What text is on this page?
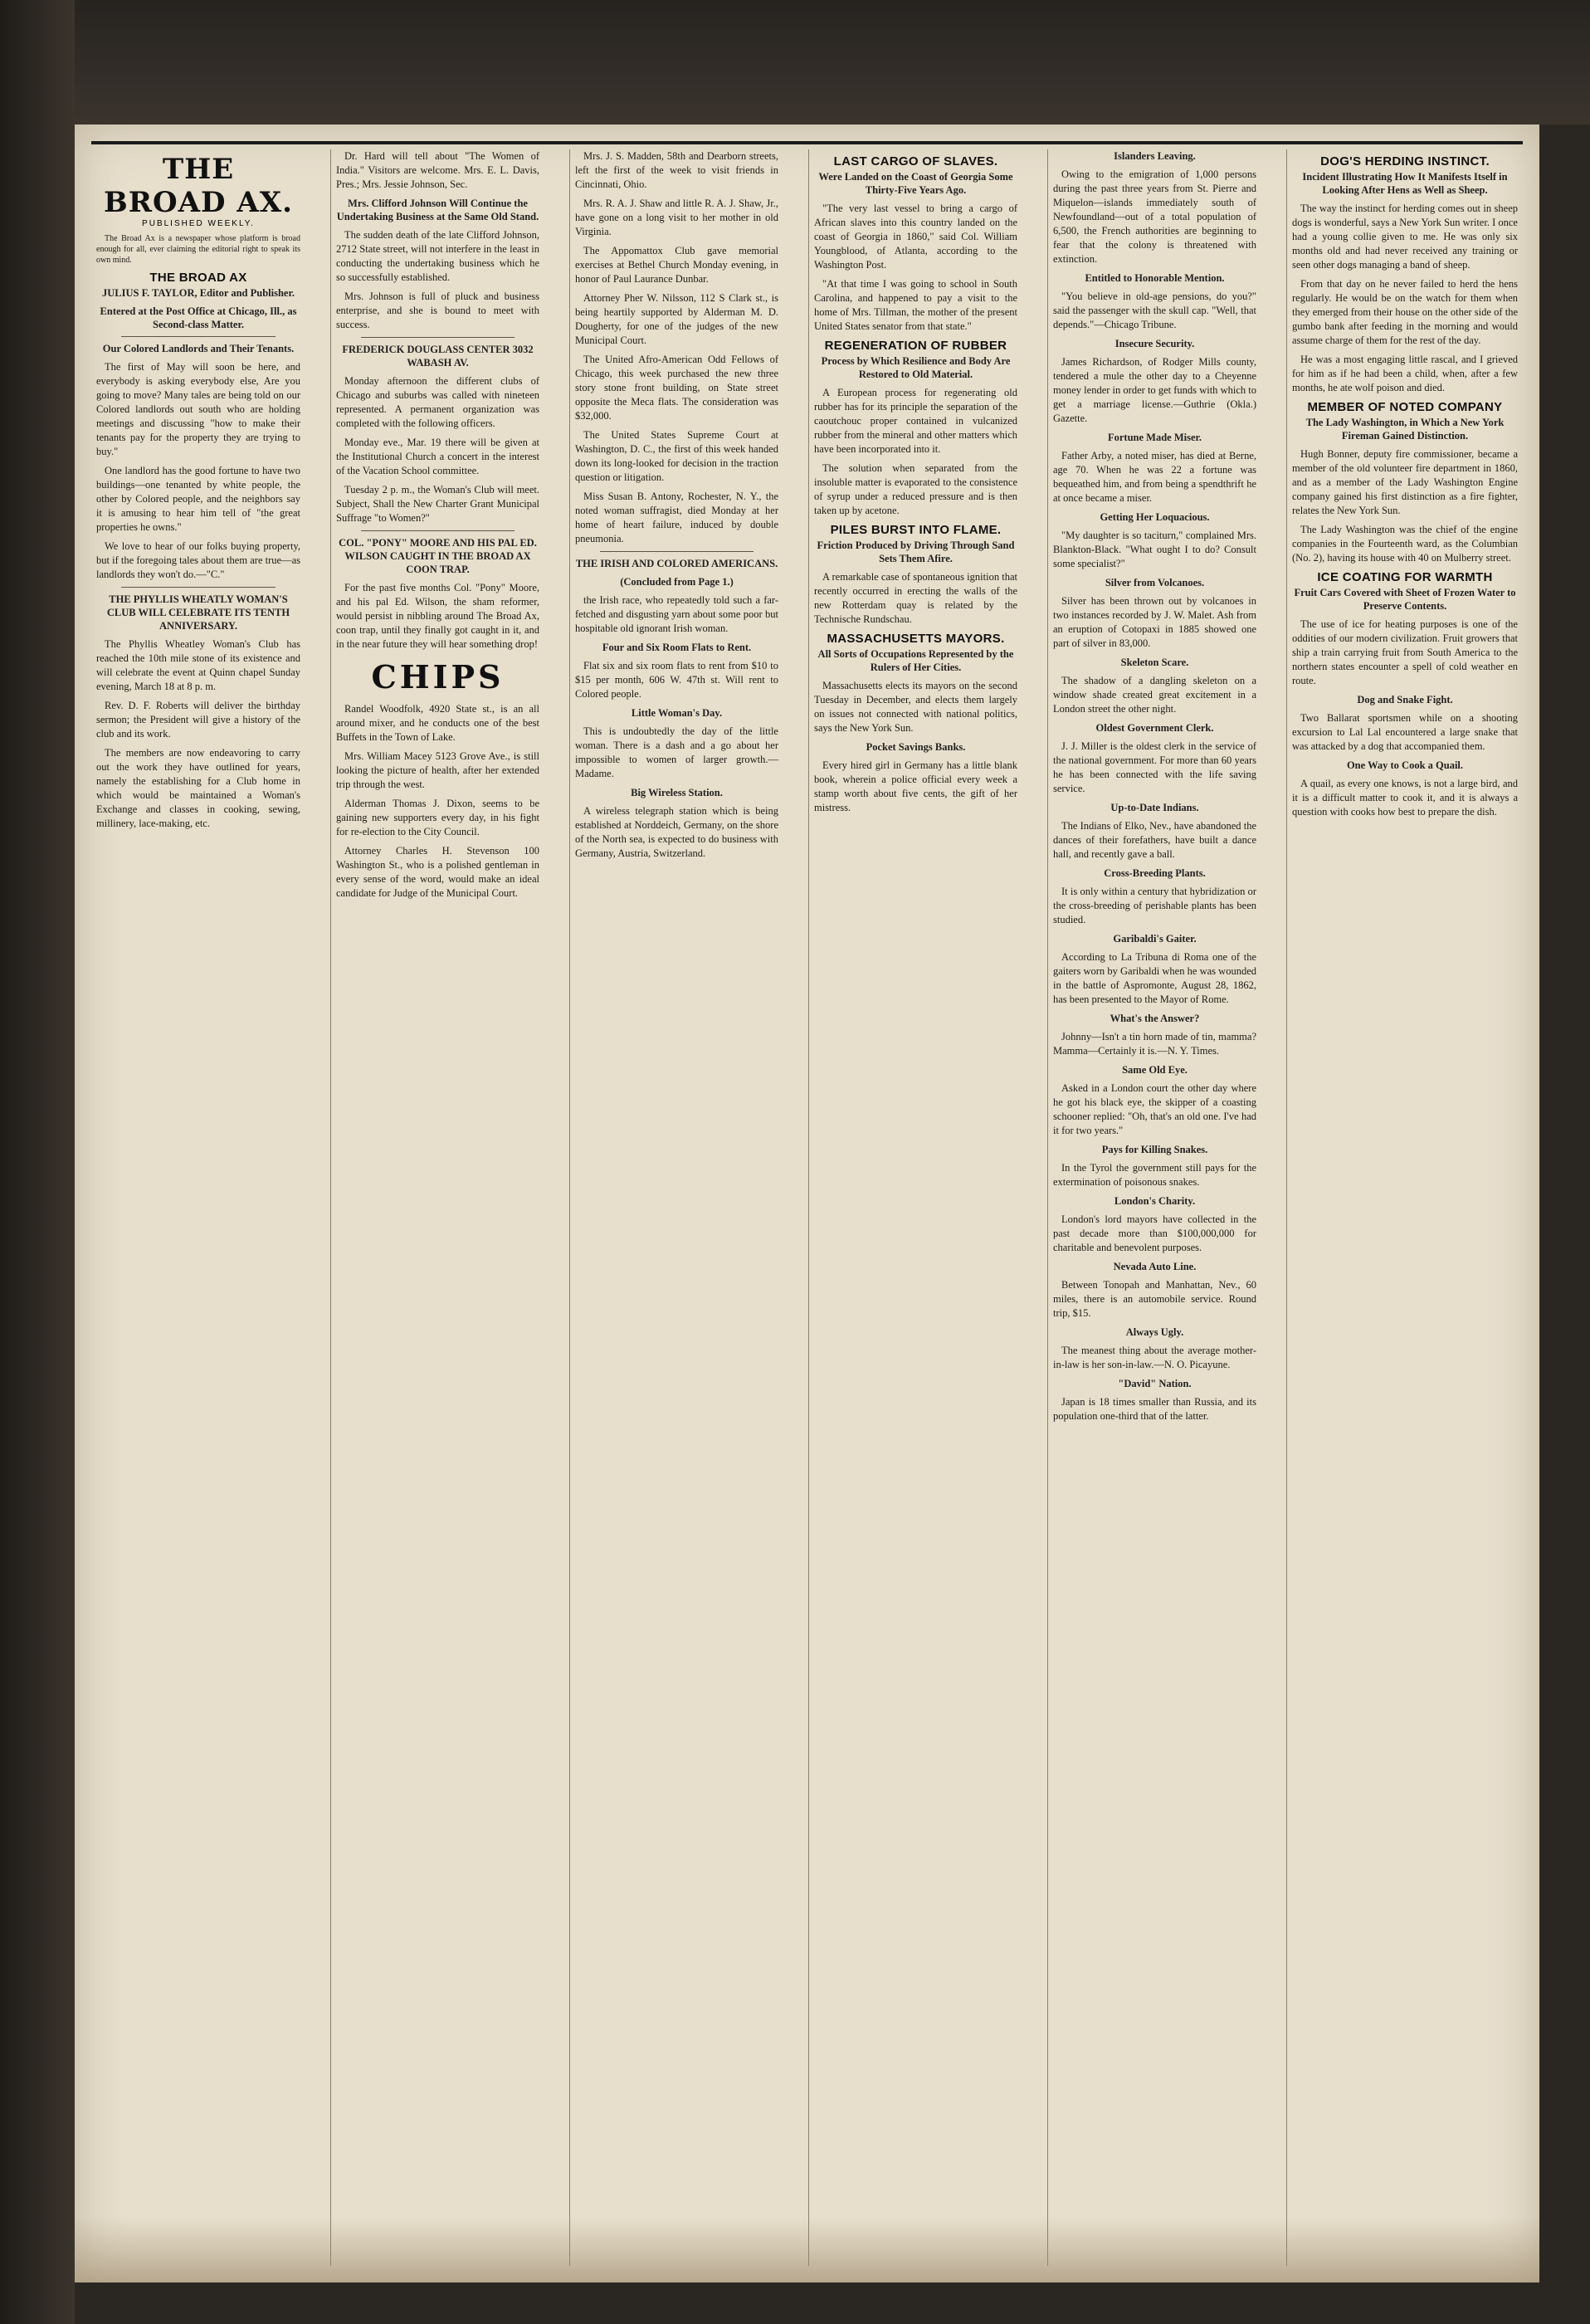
THE BROAD AX.
PUBLISHED WEEKLY.

The Broad Ax is a newspaper whose platform is broad enough for all, ever claiming the editorial right to speak its own mind.

THE BROAD AX
JULIUS F. TAYLOR, Editor and Publisher.
Entered at the Post Office at Chicago, Ill., as Second-class Matter.
Our Colored Landlords and Their Tenants.

The first of May will soon be here, and everybody is asking everybody else, Are you going to move? Many tales are being told on our Colored landlords out south who are holding meetings and discussing "how to make their tenants pay for the property they are trying to buy."

One landlord has the good fortune to have two buildings—one tenanted by white people, the other by Colored people, and the neighbors say it is amusing to hear him tell of "the great properties he owns."

We love to hear of our folks buying property, but if the foregoing tales about them are true—as landlords they won't do.—"C."

THE PHYLLIS WHEATLY WOMAN'S CLUB WILL CELEBRATE ITS TENTH ANNIVERSARY.

The Phyllis Wheatley Woman's Club has reached the 10th mile stone of its existence and will celebrate the event at Quinn chapel Sunday evening, March 18 at 8 p. m.

Rev. D. F. Roberts will deliver the birthday sermon; the President will give a history of the club and its work.

The members are now endeavoring to carry out the work they have outlined for years, namely the establishing for a Club home in which would be maintained a Woman's Exchange and classes in cooking, sewing, millinery, lace-making, etc.

Dr. Hard will tell about "The Women of India." Visitors are welcome. Mrs. E. L. Davis, Pres.; Mrs. Jessie Johnson, Sec.

Mrs. Clifford Johnson Will Continue the Undertaking Business at the Same Old Stand.

The sudden death of the late Clifford Johnson, 2712 State street, will not interfere in the least in conducting the undertaking business which he so successfully established.

Mrs. Johnson is full of pluck and business enterprise, and she is bound to meet with success.

FREDERICK DOUGLASS CENTER 3032 WABASH AV.

Monday afternoon the different clubs of Chicago and suburbs was called with nineteen represented. A permanent organization was completed with the following officers.

Monday eve., Mar. 19 there will be given at the Institutional Church a concert in the interest of the Vacation School committee.

Tuesday 2 p. m., the Woman's Club will meet. Subject, Shall the New Charter Grant Municipal Suffrage "to Women?"

COL. "PONY" MOORE AND HIS PAL ED. WILSON CAUGHT IN THE BROAD AX COON TRAP.

For the past five months Col. "Pony" Moore, and his pal Ed. Wilson, the sham reformer, would persist in nibbling around The Broad Ax, coon trap, until they finally got caught in it, and in the near future they will hear something drop!

CHIPS

Randel Woodfolk, 4920 State st., is an all around mixer, and he conducts one of the best Buffets in the Town of Lake.

Mrs. William Macey 5123 Grove Ave., is still looking the picture of health, after her extended trip through the west.

Alderman Thomas J. Dixon, seems to be gaining new supporters every day, in his fight for re-election to the City Council.

Attorney Charles H. Stevenson 100 Washington St., who is a polished gentleman in every sense of the word, would make an ideal candidate for Judge of the Municipal Court.

Mrs. J. S. Madden, 58th and Dearborn streets, left the first of the week to visit friends in Cincinnati, Ohio.

Mrs. R. A. J. Shaw and little R. A. J. Shaw, Jr., have gone on a long visit to her mother in old Virginia.

The Appomattox Club gave memorial exercises at Bethel Church Monday evening, in honor of Paul Laurance Dunbar.

Attorney Pher W. Nilsson, 112 S Clark st., is being heartily supported by Alderman M. D. Dougherty, for one of the judges of the new Municipal Court.

The United Afro-American Odd Fellows of Chicago, this week purchased the new three story stone front building, on State street opposite the Meca flats. The consideration was $32,000.

The United States Supreme Court at Washington, D. C., the first of this week handed down its long-looked for decision in the traction question or litigation.

Miss Susan B. Antony, Rochester, N. Y., the noted woman suffragist, died Monday at her home of heart failure, induced by double pneumonia.

THE IRISH AND COLORED AMERICANS.
(Concluded from Page 1.)

the Irish race, who repeatedly told such a far-fetched and disgusting yarn about some poor but hospitable old ignorant Irish woman.

Four and Six Room Flats to Rent.

Flat six and six room flats to rent from $10 to $15 per month, 606 W. 47th st. Will rent to Colored people.

Little Woman's Day.

This is undoubtedly the day of the little woman. There is a dash and a go about her impossible to women of larger growth.—Madame.

Big Wireless Station.

A wireless telegraph station which is being established at Norddeich, Germany, on the shore of the North sea, is expected to do business with Germany, Austria, Switzerland.

LAST CARGO OF SLAVES.
Were Landed on the Coast of Georgia Some Thirty-Five Years Ago.

"The very last vessel to bring a cargo of African slaves into this country landed on the coast of Georgia in 1860," said Col. William Youngblood, of Atlanta, according to the Washington Post.

"At that time I was going to school in South Carolina, and happened to pay a visit to the home of Mrs. Tillman, the mother of the present United States senator from that state."

REGENERATION OF RUBBER
Process by Which Resilience and Body Are Restored to Old Material.

A European process for regenerating old rubber has for its principle the separation of the caoutchouc proper contained in vulcanized rubber from the mineral and other matters which have been incorporated into it.

The solution when separated from the insoluble matter is evaporated to the consistence of syrup under a reduced pressure and is then taken up by acetone.

PILES BURST INTO FLAME.
Friction Produced by Driving Through Sand Sets Them Afire.

A remarkable case of spontaneous ignition that recently occurred in erecting the walls of the new Rotterdam quay is related by the Technische Rundschau.

MASSACHUSETTS MAYORS.
All Sorts of Occupations Represented by the Rulers of Her Cities.

Massachusetts elects its mayors on the second Tuesday in December, and elects them largely on issues not connected with national politics, says the New York Sun.

Pocket Savings Banks.

Every hired girl in Germany has a little blank book, wherein a police official every week a stamp worth about five cents, the gift of her mistress.

Islanders Leaving.

Owing to the emigration of 1,000 persons during the past three years from St. Pierre and Miquelon—islands immediately south of Newfoundland—out of a total population of 6,500, the French authorities are beginning to fear that the colony is threatened with extinction.

Entitled to Honorable Mention.

"You believe in old-age pensions, do you?" said the passenger with the skull cap. "Well, that depends."—Chicago Tribune.

Insecure Security.

James Richardson, of Rodger Mills county, tendered a mule the other day to a Cheyenne money lender in order to get funds with which to get a marriage license.—Guthrie (Okla.) Gazette.

Fortune Made Miser.

Father Arby, a noted miser, has died at Berne, age 70. When he was 22 a fortune was bequeathed him, and from being a spendthrift he at once became a miser.

Getting Her Loquacious.

"My daughter is so taciturn," complained Mrs. Blankton-Black. "What ought I to do? Consult some specialist?"

Silver from Volcanoes.

Silver has been thrown out by volcanoes in two instances recorded by J. W. Malet. Ash from an eruption of Cotopaxi in 1885 showed one part of silver in 83,000.

Skeleton Scare.

The shadow of a dangling skeleton on a window shade created great excitement in a London street the other night.

Oldest Government Clerk.

J. J. Miller is the oldest clerk in the service of the national government. For more than 60 years he has been connected with the life saving service.

Up-to-Date Indians.

The Indians of Elko, Nev., have abandoned the dances of their forefathers, have built a dance hall, and recently gave a ball.

Cross-Breeding Plants.

It is only within a century that hybridization or the cross-breeding of perishable plants has been studied.

Garibaldi's Gaiter.

According to La Tribuna di Roma one of the gaiters worn by Garibaldi when he was wounded in the battle of Aspromonte, August 28, 1862, has been presented to the Mayor of Rome.

What's the Answer?

Johnny—Isn't a tin horn made of tin, mamma? Mamma—Certainly it is.—N. Y. Times.

Same Old Eye.

Asked in a London court the other day where he got his black eye, the skipper of a coasting schooner replied: "Oh, that's an old one. I've had it for two years."

Pays for Killing Snakes.

In the Tyrol the government still pays for the extermination of poisonous snakes.

London's Charity.

London's lord mayors have collected in the past decade more than $100,000,000 for charitable and benevolent purposes.

Nevada Auto Line.

Between Tonopah and Manhattan, Nev., 60 miles, there is an automobile service. Round trip, $15.

Always Ugly.

The meanest thing about the average mother-in-law is her son-in-law.—N. O. Picayune.

"David" Nation.

Japan is 18 times smaller than Russia, and its population one-third that of the latter.

DOG'S HERDING INSTINCT.
Incident Illustrating How It Manifests Itself in Looking After Hens as Well as Sheep.

The way the instinct for herding comes out in sheep dogs is wonderful, says a New York Sun writer. I once had a young collie given to me. He was only six months old and had never received any training or seen other dogs managing a band of sheep.

From that day on he never failed to herd the hens regularly. He would be on the watch for them when they emerged from their house on the other side of the gumbo bank after feeding in the morning and would assume charge of them for the rest of the day.

He was a most engaging little rascal, and I grieved for him as if he had been a child, when, after a few months, he ate wolf poison and died.

MEMBER OF NOTED COMPANY
The Lady Washington, in Which a New York Fireman Gained Distinction.

Hugh Bonner, deputy fire commissioner, became a member of the old volunteer fire department in 1860, and as a member of the Lady Washington Engine company gained his first distinction as a fire fighter, relates the New York Sun.

The Lady Washington was the chief of the engine companies in the Fourteenth ward, as the Columbian (No. 2), having its house with 40 on Mulberry street.

ICE COATING FOR WARMTH
Fruit Cars Covered with Sheet of Frozen Water to Preserve Contents.

The use of ice for heating purposes is one of the oddities of our modern civilization. Fruit growers that ship a train carrying fruit from South America to the northern states encounter a spell of cold weather en route.

Dog and Snake Fight.

Two Ballarat sportsmen while on a shooting excursion to Lal Lal encountered a large snake that was attacked by a dog that accompanied them.

One Way to Cook a Quail.

A quail, as every one knows, is not a large bird, and it is a difficult matter to cook it, and it is always a question with cooks how best to prepare the dish.
